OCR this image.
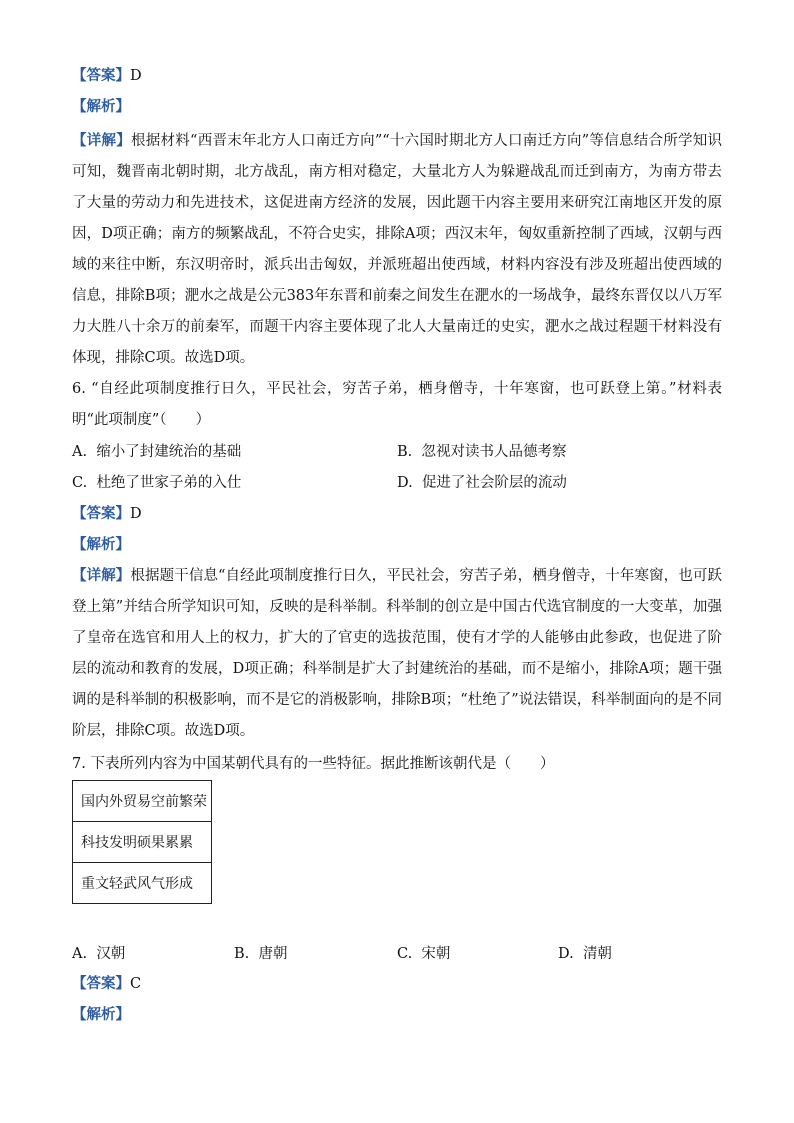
【答案】D
【解析】
【详解】根据材料“西晋末年北方人口南迁方向”“十六国时期北方人口南迁方向”等信息结合所学知识可知，魏晋南北朝时期，北方战乱，南方相对稳定，大量北方人为躲避战乱而迁到南方，为南方带去了大量的劳动力和先进技术，这促进南方经济的发展，因此题干内容主要用来研究江南地区开发的原因，D项正确；南方的频繁战乱，不符合史实，排除A项；西汉末年，匈奴重新控制了西域，汉朝与西域的来往中断，东汉明帝时，派兵出击匈奴，并派班超出使西域，材料内容没有涉及班超出使西域的信息，排除B项；淝水之战是公元383年东晋和前秦之间发生在淝水的一场战争，最终东晋仅以八万军力大胜八十余万的前秦军，而题干内容主要体现了北人大量南迁的史实，淝水之战过程题干材料没有体现，排除C项。故选D项。
6. “自经此项制度推行日久，平民社会，穷苦子弟，栖身僧寺，十年寒窗，也可跃登上第。”材料表明“此项制度”（　　）
A. 缩小了封建统治的基础	B. 忽视对读书人品德考察
C. 杜绝了世家子弟的入仕	D. 促进了社会阶层的流动
【答案】D
【解析】
【详解】根据题干信息“自经此项制度推行日久，平民社会，穷苦子弟，栖身僧寺，十年寒窗，也可跃登上第”并结合所学知识可知，反映的是科举制。科举制的创立是中国古代选官制度的一大变革，加强了皇帝在选官和用人上的权力，扩大的了官吏的选拔范围，使有才学的人能够由此参政，也促进了阶层的流动和教育的发展，D项正确；科举制是扩大了封建统治的基础，而不是缩小，排除A项；题干强调的是科举制的积极影响，而不是它的消极影响，排除B项；“杜绝了”说法错误，科举制面向的是不同阶层，排除C项。故选D项。
7. 下表所列内容为中国某朝代具有的一些特征。据此推断该朝代是（　　）
国内外贸易空前繁荣
科技发明硕果累累
重文轻武风气形成
A. 汉朝	B. 唐朝	C. 宋朝	D. 清朝
【答案】C
【解析】
